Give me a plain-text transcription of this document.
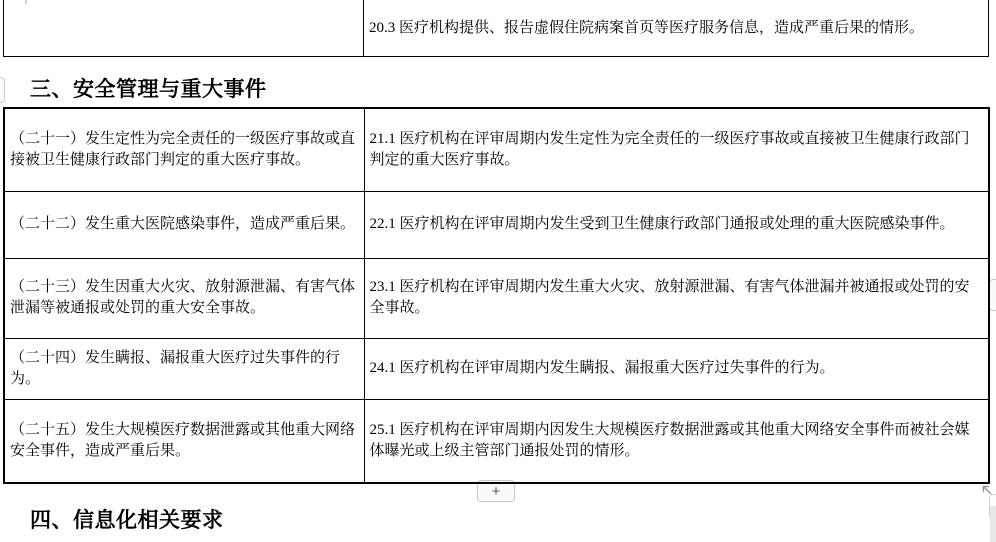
	20.3 医疗机构提供、报告虚假住院病案首页等医疗服务信息，造成严重后果的情形。
三、安全管理与重大事件
+
（二十一）发生定性为完全责任的一级医疗事故或直接被卫生健康行政部门判定的重大医疗事故。	21.1 医疗机构在评审周期内发生定性为完全责任的一级医疗事故或直接被卫生健康行政部门判定的重大医疗事故。
（二十二）发生重大医院感染事件，造成严重后果。	22.1 医疗机构在评审周期内发生受到卫生健康行政部门通报或处理的重大医院感染事件。
（二十三）发生因重大火灾、放射源泄漏、有害气体泄漏等被通报或处罚的重大安全事故。	23.1 医疗机构在评审周期内发生重大火灾、放射源泄漏、有害气体泄漏并被通报或处罚的安全事故。
（二十四）发生瞒报、漏报重大医疗过失事件的行为。	24.1 医疗机构在评审周期内发生瞒报、漏报重大医疗过失事件的行为。
（二十五）发生大规模医疗数据泄露或其他重大网络安全事件，造成严重后果。	25.1 医疗机构在评审周期内因发生大规模医疗数据泄露或其他重大网络安全事件而被社会媒体曝光或上级主管部门通报处罚的情形。
四、信息化相关要求
